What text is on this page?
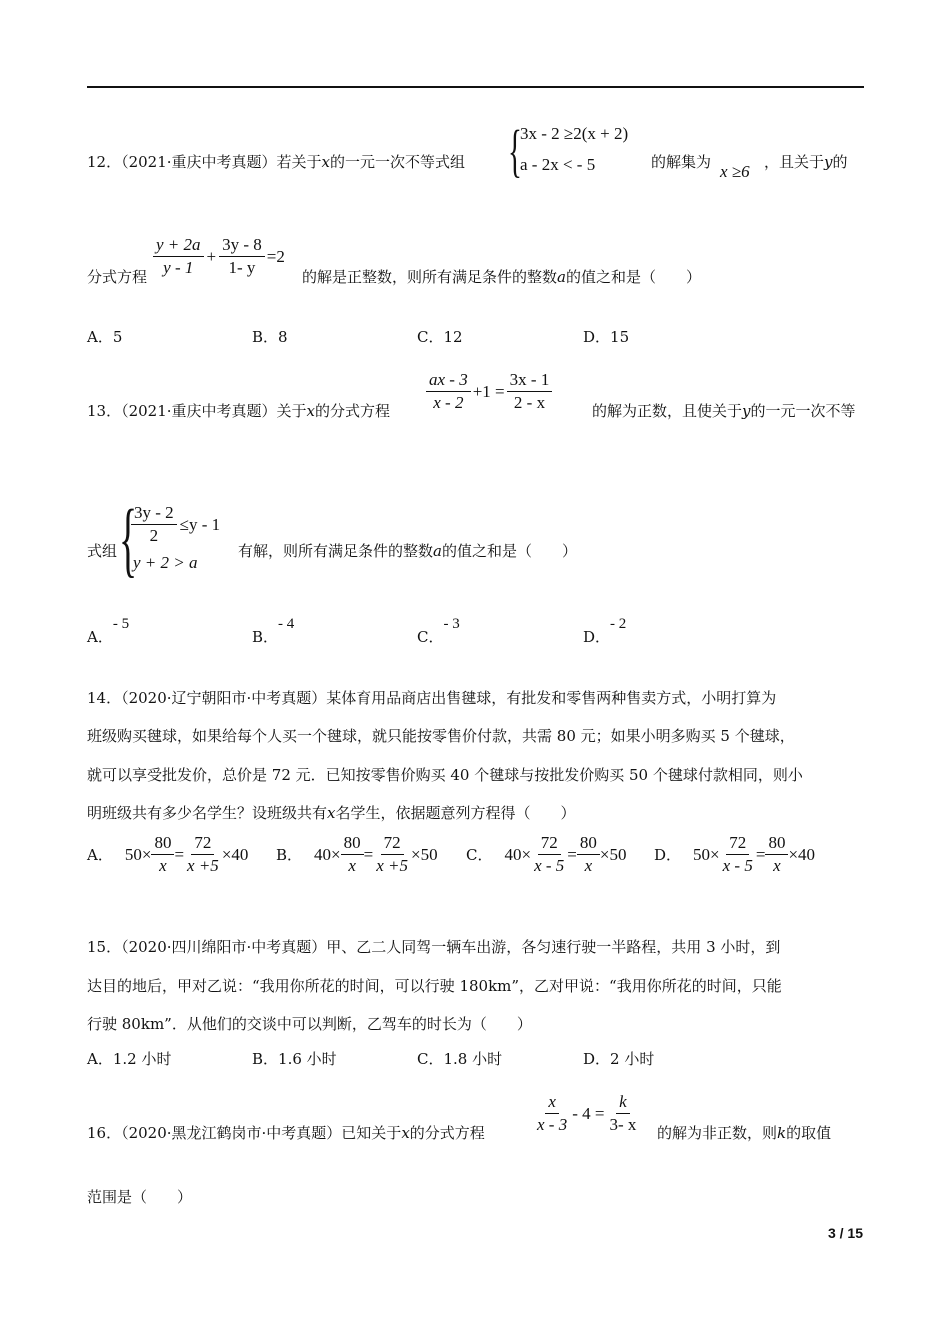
12．（2021·重庆中考真题）若关于x的一元一次不等式组 {
3x - 2 ≥2(x + 2)
a - 2x < - 5	的解集为 x ≥6 ，且关于y的
分式方程 $\frac{y + 2a}{y - 1} + \frac{3y - 8}{1- y} =2$
的解是正整数，则所有满足条件的整数a的值之和是（　　）
A．5	B．8	C．12	D．15
13．（2021·重庆中考真题）关于x的分式方程 $\frac{ax - 3}{x - 2} +1 = \frac{3x - 1}{2 - x}$	的解为正数，且使关于y的一元一次不等
式组 {
$\frac{3y - 2}{2} \le y - 1$
y + 2 > a
有解，则所有满足条件的整数a的值之和是（　　）
A．- 5
B．- 4
C．- 3
D．- 2
14．（2020·辽宁朝阳市·中考真题）某体育用品商店出售毽球，有批发和零售两种售卖方式，小明打算为
班级购买毽球，如果给每个人买一个毽球，就只能按零售价付款，共需 80 元；如果小明多购买 5 个毽球，
就可以享受批发价，总价是 72 元．已知按零售价购买 40 个毽球与按批发价购买 50 个毽球付款相同，则小
明班级共有多少名学生？设班级共有x名学生，依据题意列方程得（　　）
A． $50\times \frac{80}{x} = \frac{72}{x +5} \times 40$ B． $40\times \frac{80}{x} = \frac{72}{x +5} \times 50$ C． $40\times \frac{72}{x - 5} = \frac{80}{x} \times 50$ D． $50\times \frac{72}{x - 5} = \frac{80}{x} \times 40$
15．（2020·四川绵阳市·中考真题）甲、乙二人同驾一辆车出游，各匀速行驶一半路程，共用 3 小时，到
达目的地后，甲对乙说：“我用你所花的时间，可以行驶 180km”，乙对甲说：“我用你所花的时间，只能
行驶 80km”．从他们的交谈中可以判断，乙驾车的时长为（　　）
A．1.2 小时	B．1.6 小时	C．1.8 小时	D．2 小时
16．（2020·黑龙江鹤岗市·中考真题）已知关于x的分式方程	$\frac{x}{x - 3} - 4 = \frac{k}{3- x}$ 的解为非正数，则k的取值
范围是（　　）
3 / 15
